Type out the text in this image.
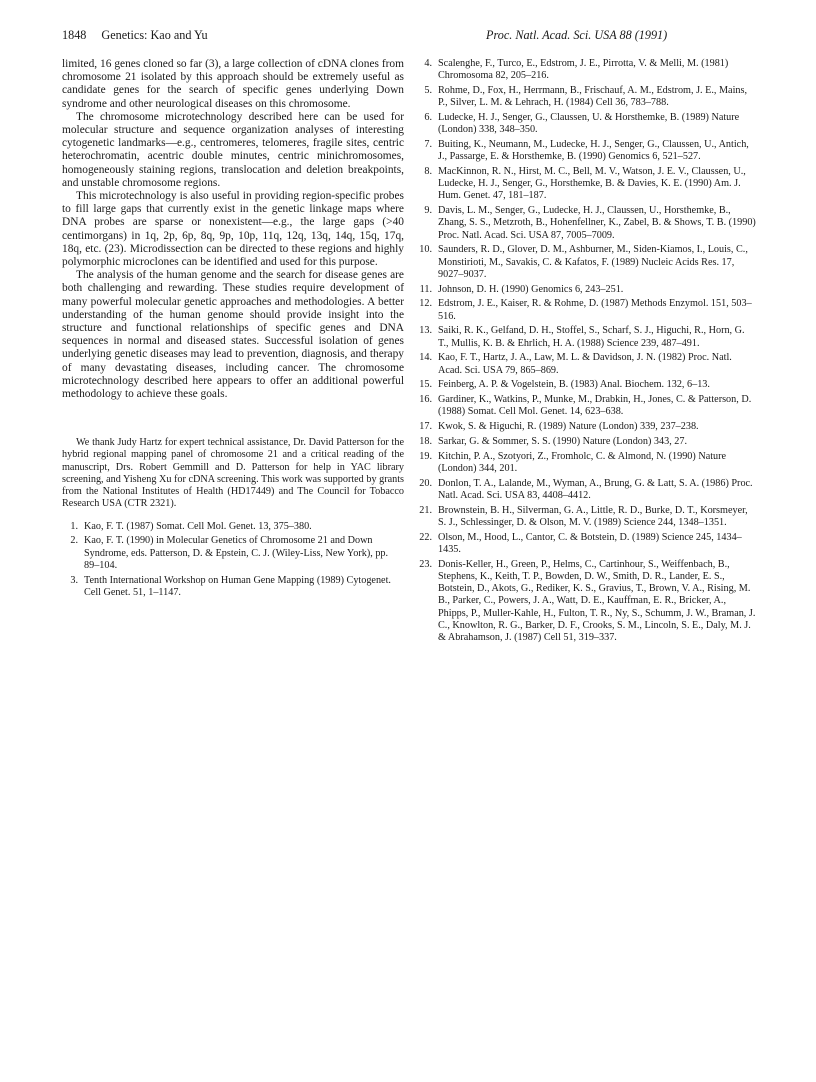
1848 Genetics: Kao and Yu	Proc. Natl. Acad. Sci. USA 88 (1991)

limited, 16 genes cloned so far (3), a large collection of cDNA clones from chromosome 21 isolated by this approach should be extremely useful as candidate genes for the search of specific genes underlying Down syndrome and other neurological diseases on this chromosome.

The chromosome microtechnology described here can be used for molecular structure and sequence organization analyses of interesting cytogenetic landmarks—e.g., centromeres, telomeres, fragile sites, centric heterochromatin, acentric double minutes, centric minichromosomes, homogeneously staining regions, translocation and deletion breakpoints, and unstable chromosome regions.

This microtechnology is also useful in providing region-specific probes to fill large gaps that currently exist in the genetic linkage maps where DNA probes are sparse or nonexistent—e.g., the large gaps (>40 centimorgans) in 1q, 2p, 6p, 8q, 9p, 10p, 11q, 12q, 13q, 14q, 15q, 17q, 18q, etc. (23). Microdissection can be directed to these regions and highly polymorphic microclones can be identified and used for this purpose.

The analysis of the human genome and the search for disease genes are both challenging and rewarding. These studies require development of many powerful molecular genetic approaches and methodologies. A better understanding of the human genome should provide insight into the structure and functional relationships of specific genes and DNA sequences in normal and diseased states. Successful isolation of genes underlying genetic diseases may lead to prevention, diagnosis, and therapy of many devastating diseases, including cancer. The chromosome microtechnology described here appears to offer an additional powerful methodology to achieve these goals.

We thank Judy Hartz for expert technical assistance, Dr. David Patterson for the hybrid regional mapping panel of chromosome 21 and a critical reading of the manuscript, Drs. Robert Gemmill and D. Patterson for help in YAC library screening, and Yisheng Xu for cDNA screening. This work was supported by grants from the National Institutes of Health (HD17449) and The Council for Tobacco Research USA (CTR 2321).

1. Kao, F. T. (1987) Somat. Cell Mol. Genet. 13, 375–380.
2. Kao, F. T. (1990) in Molecular Genetics of Chromosome 21 and Down Syndrome, eds. Patterson, D. & Epstein, C. J. (Wiley-Liss, New York), pp. 89–104.
3. Tenth International Workshop on Human Gene Mapping (1989) Cytogenet. Cell Genet. 51, 1–1147.
4. Scalenghe, F., Turco, E., Edstrom, J. E., Pirrotta, V. & Melli, M. (1981) Chromosoma 82, 205–216.
5. Rohme, D., Fox, H., Herrmann, B., Frischauf, A. M., Edstrom, J. E., Mains, P., Silver, L. M. & Lehrach, H. (1984) Cell 36, 783–788.
6. Ludecke, H. J., Senger, G., Claussen, U. & Horsthemke, B. (1989) Nature (London) 338, 348–350.
7. Buiting, K., Neumann, M., Ludecke, H. J., Senger, G., Claussen, U., Antich, J., Passarge, E. & Horsthemke, B. (1990) Genomics 6, 521–527.
8. MacKinnon, R. N., Hirst, M. C., Bell, M. V., Watson, J. E. V., Claussen, U., Ludecke, H. J., Senger, G., Horsthemke, B. & Davies, K. E. (1990) Am. J. Hum. Genet. 47, 181–187.
9. Davis, L. M., Senger, G., Ludecke, H. J., Claussen, U., Horsthemke, B., Zhang, S. S., Metzroth, B., Hohenfellner, K., Zabel, B. & Shows, T. B. (1990) Proc. Natl. Acad. Sci. USA 87, 7005–7009.
10. Saunders, R. D., Glover, D. M., Ashburner, M., Siden-Kiamos, I., Louis, C., Monstirioti, M., Savakis, C. & Kafatos, F. (1989) Nucleic Acids Res. 17, 9027–9037.
11. Johnson, D. H. (1990) Genomics 6, 243–251.
12. Edstrom, J. E., Kaiser, R. & Rohme, D. (1987) Methods Enzymol. 151, 503–516.
13. Saiki, R. K., Gelfand, D. H., Stoffel, S., Scharf, S. J., Higuchi, R., Horn, G. T., Mullis, K. B. & Ehrlich, H. A. (1988) Science 239, 487–491.
14. Kao, F. T., Hartz, J. A., Law, M. L. & Davidson, J. N. (1982) Proc. Natl. Acad. Sci. USA 79, 865–869.
15. Feinberg, A. P. & Vogelstein, B. (1983) Anal. Biochem. 132, 6–13.
16. Gardiner, K., Watkins, P., Munke, M., Drabkin, H., Jones, C. & Patterson, D. (1988) Somat. Cell Mol. Genet. 14, 623–638.
17. Kwok, S. & Higuchi, R. (1989) Nature (London) 339, 237–238.
18. Sarkar, G. & Sommer, S. S. (1990) Nature (London) 343, 27.
19. Kitchin, P. A., Szotyori, Z., Fromholc, C. & Almond, N. (1990) Nature (London) 344, 201.
20. Donlon, T. A., Lalande, M., Wyman, A., Brung, G. & Latt, S. A. (1986) Proc. Natl. Acad. Sci. USA 83, 4408–4412.
21. Brownstein, B. H., Silverman, G. A., Little, R. D., Burke, D. T., Korsmeyer, S. J., Schlessinger, D. & Olson, M. V. (1989) Science 244, 1348–1351.
22. Olson, M., Hood, L., Cantor, C. & Botstein, D. (1989) Science 245, 1434–1435.
23. Donis-Keller, H., Green, P., Helms, C., Cartinhour, S., Weiffenbach, B., Stephens, K., Keith, T. P., Bowden, D. W., Smith, D. R., Lander, E. S., Botstein, D., Akots, G., Rediker, K. S., Gravius, T., Brown, V. A., Rising, M. B., Parker, C., Powers, J. A., Watt, D. E., Kauffman, E. R., Bricker, A., Phipps, P., Muller-Kahle, H., Fulton, T. R., Ny, S., Schumm, J. W., Braman, J. C., Knowlton, R. G., Barker, D. F., Crooks, S. M., Lincoln, S. E., Daly, M. J. & Abrahamson, J. (1987) Cell 51, 319–337.
